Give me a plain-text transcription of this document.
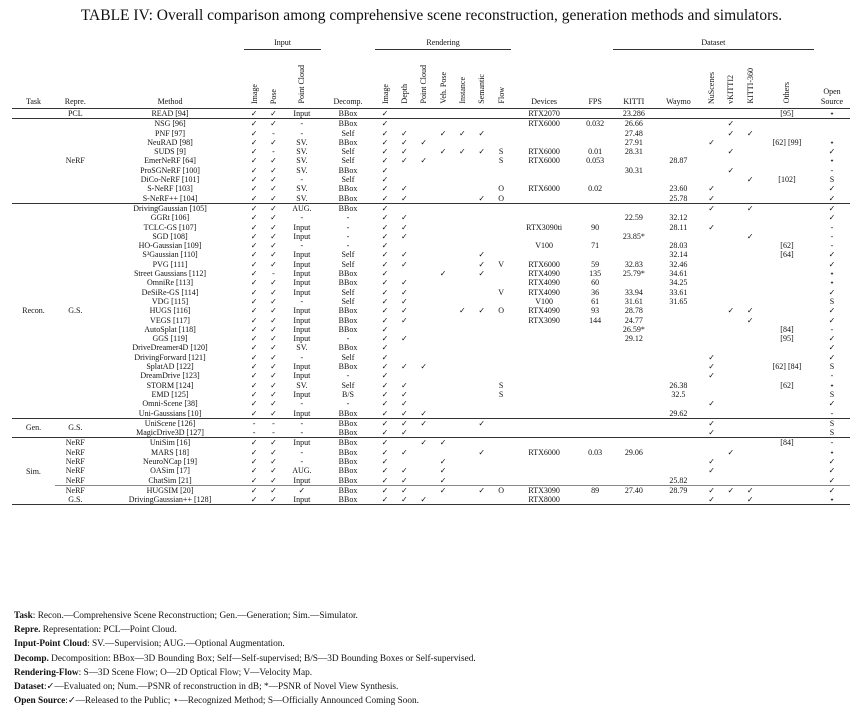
TABLE IV: Overall comparison among comprehensive scene reconstruction, generation methods and simulators.
			Input				Rendering									Dataset						
Task	Repre.	Method	Image	Pose	Point Cloud	Decomp.	Image	Depth	Point Cloud	Veh. Pose	Instance	Semantic	Flow	Devices	FPS	KITTI	Waymo	NuScenes	vKITTI2	KITTI-360	Others	Open Source
	PCL	READ [94]	✓	✓	Input	BBox	✓							RTX2070		23.286					[95]	⋆
	NeRF	NSG [96]	✓	✓	-	BBox	✓							RTX6000	0.032	26.66			✓			
		PNF [97]	✓	-	-	Self	✓	✓		✓	✓	✓				27.48			✓	✓		
		NeuRAD [98]	✓	✓	SV.	BBox	✓	✓	✓							27.91		✓			[62] [99]	⋆
		SUDS [9]	✓	-	SV.	Self	✓	✓		✓	✓	✓	S	RTX6000	0.01	28.31			✓			✓
		EmerNeRF [64]	✓	✓	SV.	Self	✓	✓	✓				S	RTX6000	0.053		28.87					⋆
		ProSGNeRF [100]	✓	✓	SV.	BBox	✓									30.31			✓			-
		DiCo-NeRF [101]	✓	✓	-	Self	✓													✓	[102]	S
		S-NeRF [103]	✓	✓	SV.	BBox	✓	✓					O	RTX6000	0.02		23.60	✓				✓
		S-NeRF++ [104]	✓	✓	SV.	BBox	✓	✓				✓	O				25.78	✓				✓
Recon.	G.S.	DrivingGaussian [105]	✓	✓	AUG.	BBox	✓											✓		✓		✓
		GGRt [106]	✓	✓	-	-	✓	✓								22.59	32.12					✓
		TCLC-GS [107]	✓	✓	Input	-	✓	✓						RTX3090ti	90		28.11	✓				-
		SGD [108]	✓	✓	Input	-	✓	✓								23.85*				✓		-
		HO-Gaussian [109]	✓	✓	-	-	✓							V100	71		28.03				[62]	-
		S³Gaussian [110]	✓	✓	Input	Self	✓	✓				✓					32.14				[64]	✓
		PVG [111]	✓	✓	Input	Self	✓	✓				✓	V	RTX6000	59	32.83	32.46					✓
		Street Gaussians [112]	✓	-	Input	BBox	✓			✓		✓		RTX4090	135	25.79*	34.61					⋆
		OmniRe [113]	✓	✓	Input	BBox	✓	✓						RTX4090	60		34.25					⋆
		DeSiRe-GS [114]	✓	✓	Input	Self	✓	✓					V	RTX4090	36	33.94	33.61					✓
		VDG [115]	✓	✓	-	Self	✓	✓						V100	61	31.61	31.65					S
		HUGS [116]	✓	✓	Input	BBox	✓	✓			✓	✓	O	RTX4090	93	28.78			✓	✓		✓
		VEGS [117]	✓	✓	Input	BBox	✓	✓						RTX3090	144	24.77				✓		✓
		AutoSplat [118]	✓	✓	Input	BBox	✓									26.59*					[84]	-
		GGS [119]	✓	✓	Input	-	✓	✓								29.12					[95]	✓
		DriveDreamer4D [120]	✓	✓	SV.	BBox	✓															✓
		DrivingForward [121]	✓	✓	-	Self	✓											✓				✓
		SplatAD [122]	✓	✓	Input	BBox	✓	✓	✓									✓			[62] [84]	S
		DreamDrive [123]	✓	✓	Input	-	✓											✓				-
		STORM [124]	✓	✓	SV.	Self	✓	✓					S				26.38				[62]	⋆
		EMD [125]	✓	✓	Input	B/S	✓	✓					S				32.5					S
		Omni-Scene [38]	✓	✓	-	-	✓	✓										✓				✓
		Uni-Gaussians [10]	✓	✓	Input	BBox	✓	✓	✓								29.62					-
Gen.	G.S.	UniScene [126]	-	-	-	BBox	✓	✓	✓			✓						✓				S
		MagicDrive3D [127]	-	-	-	BBox	✓	✓										✓				S
Sim.	NeRF	UniSim [16]	✓	✓	Input	BBox	✓		✓	✓											[84]	-
	NeRF	MARS [18]	✓	✓	-	BBox	✓	✓				✓		RTX6000	0.03	29.06			✓			⋆
	NeRF	NeuroNCap [19]	✓	✓	-	BBox	✓			✓								✓				✓
	NeRF	OASim [17]	✓	✓	AUG.	BBox	✓	✓		✓								✓				✓
	NeRF	ChatSim [21]	✓	✓	Input	BBox	✓	✓		✓							25.82					✓
	NeRF	HUGSIM [20]	✓	✓	✓	BBox	✓	✓		✓		✓	O	RTX3090	89	27.40	28.79	✓	✓	✓		✓
	G.S.	DrivingGaussian++ [128]	✓	✓	Input	BBox	✓	✓	✓					RTX8000				✓		✓		⋆
Task: Recon.—Comprehensive Scene Reconstruction; Gen.—Generation; Sim.—Simulator.
Repre. Representation: PCL—Point Cloud.
Input-Point Cloud: SV.—Supervision; AUG.—Optional Augmentation.
Decomp. Decomposition: BBox—3D Bounding Box; Self—Self-supervised; B/S—3D Bounding Boxes or Self-supervised.
Rendering-Flow: S—3D Scene Flow; O—2D Optical Flow; V—Velocity Map.
Dataset:✓—Evaluated on; Num.—PSNR of reconstruction in dB; *—PSNR of Novel View Synthesis.
Open Source:✓—Released to the Public; ⋆—Recognized Method; S—Officially Announced Coming Soon.
